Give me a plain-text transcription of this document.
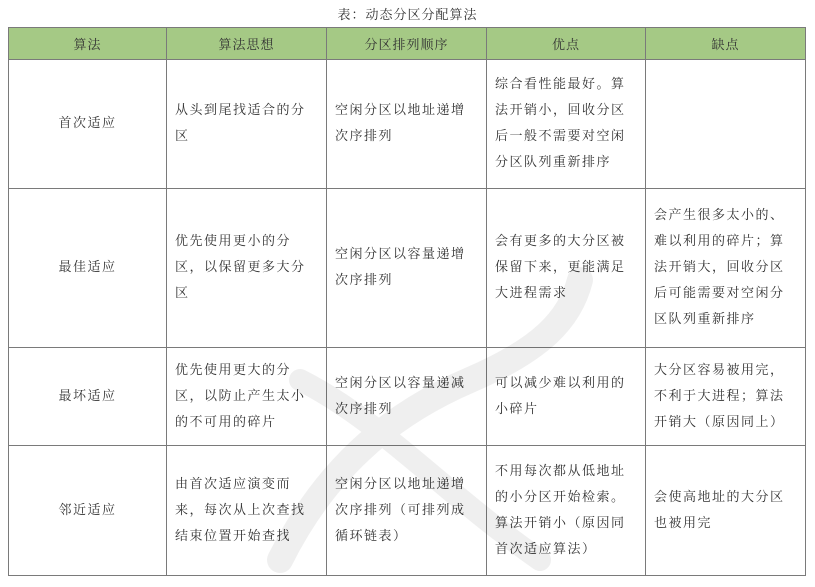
表：动态分区分配算法
算法	算法思想	分区排列顺序	优点	缺点
首次适应	从头到尾找适合的分区	空闲分区以地址递增次序排列	综合看性能最好。算法开销小，回收分区后一般不需要对空闲分区队列重新排序	
最佳适应	优先使用更小的分区，以保留更多大分区	空闲分区以容量递增次序排列	会有更多的大分区被保留下来，更能满足大进程需求	会产生很多太小的、难以利用的碎片；算法开销大，回收分区后可能需要对空闲分区队列重新排序
最坏适应	优先使用更大的分区，以防止产生太小的不可用的碎片	空闲分区以容量递减次序排列	可以减少难以利用的小碎片	大分区容易被用完，不利于大进程；算法开销大（原因同上）
邻近适应	由首次适应演变而来，每次从上次查找结束位置开始查找	空闲分区以地址递增次序排列（可排列成循环链表）	不用每次都从低地址的小分区开始检索。算法开销小（原因同首次适应算法）	会使高地址的大分区也被用完
